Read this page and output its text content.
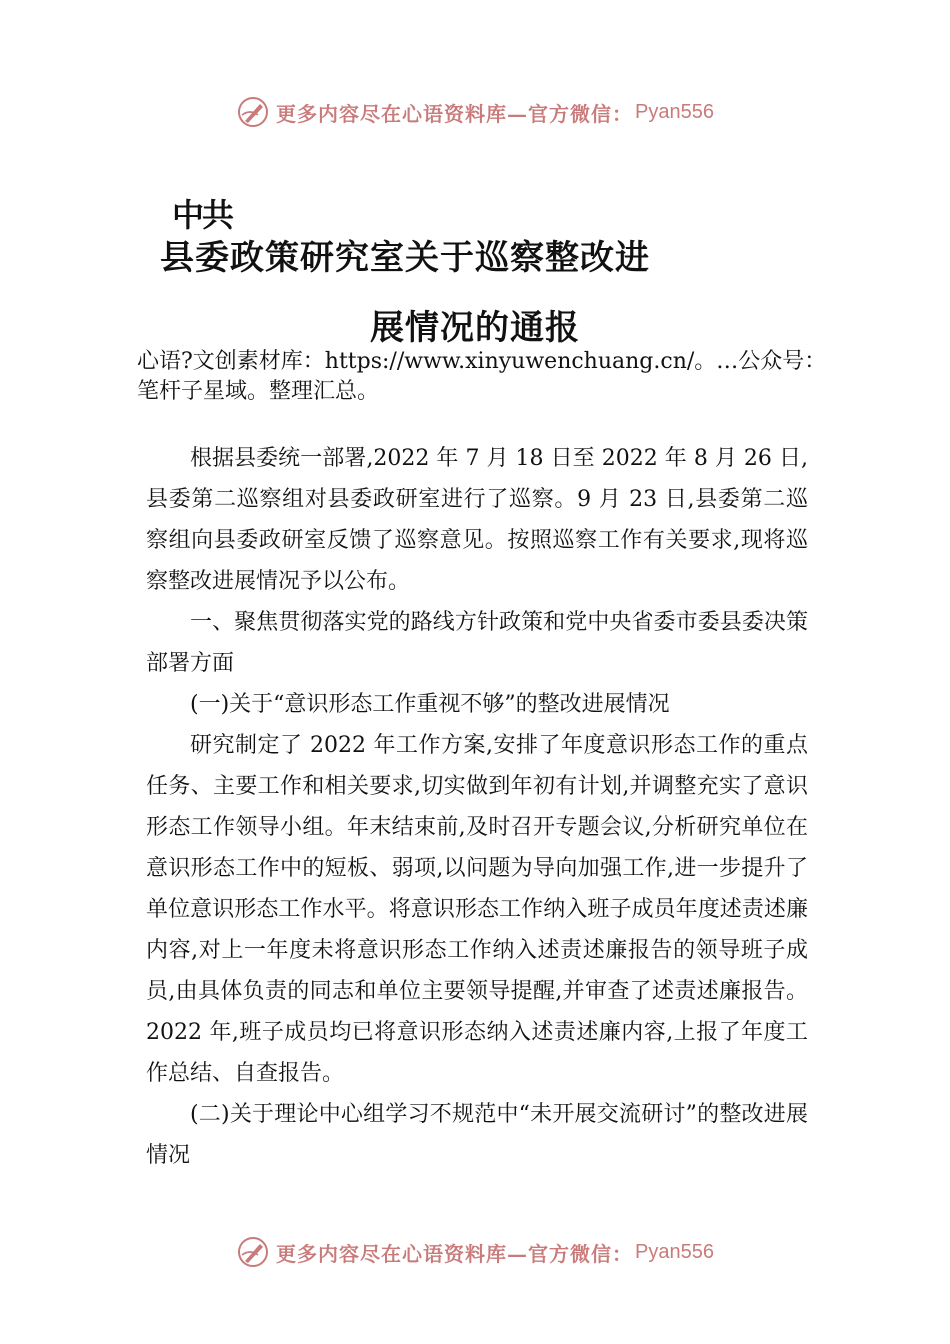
更多内容尽在心语资料库—官方微信： Pyan556
中共
县委政策研究室关于巡察整改进
展情况的通报
心语?文创素材库：https://www.xinyuwenchuang.cn/。…公众号：笔杆子星域。整理汇总。

根据县委统一部署,2022 年 7 月 18 日至 2022 年 8 月 26 日,县委第二巡察组对县委政研室进行了巡察。9 月 23 日,县委第二巡察组向县委政研室反馈了巡察意见。按照巡察工作有关要求,现将巡察整改进展情况予以公布。

一、聚焦贯彻落实党的路线方针政策和党中央省委市委县委决策部署方面

(一)关于“意识形态工作重视不够”的整改进展情况

研究制定了 2022 年工作方案,安排了年度意识形态工作的重点任务、主要工作和相关要求,切实做到年初有计划,并调整充实了意识形态工作领导小组。年末结束前,及时召开专题会议,分析研究单位在意识形态工作中的短板、弱项,以问题为导向加强工作,进一步提升了单位意识形态工作水平。将意识形态工作纳入班子成员年度述责述廉内容,对上一年度未将意识形态工作纳入述责述廉报告的领导班子成员,由具体负责的同志和单位主要领导提醒,并审查了述责述廉报告。2022 年,班子成员均已将意识形态纳入述责述廉内容,上报了年度工作总结、自查报告。

(二)关于理论中心组学习不规范中“未开展交流研讨”的整改进展情况

更多内容尽在心语资料库—官方微信： Pyan556
